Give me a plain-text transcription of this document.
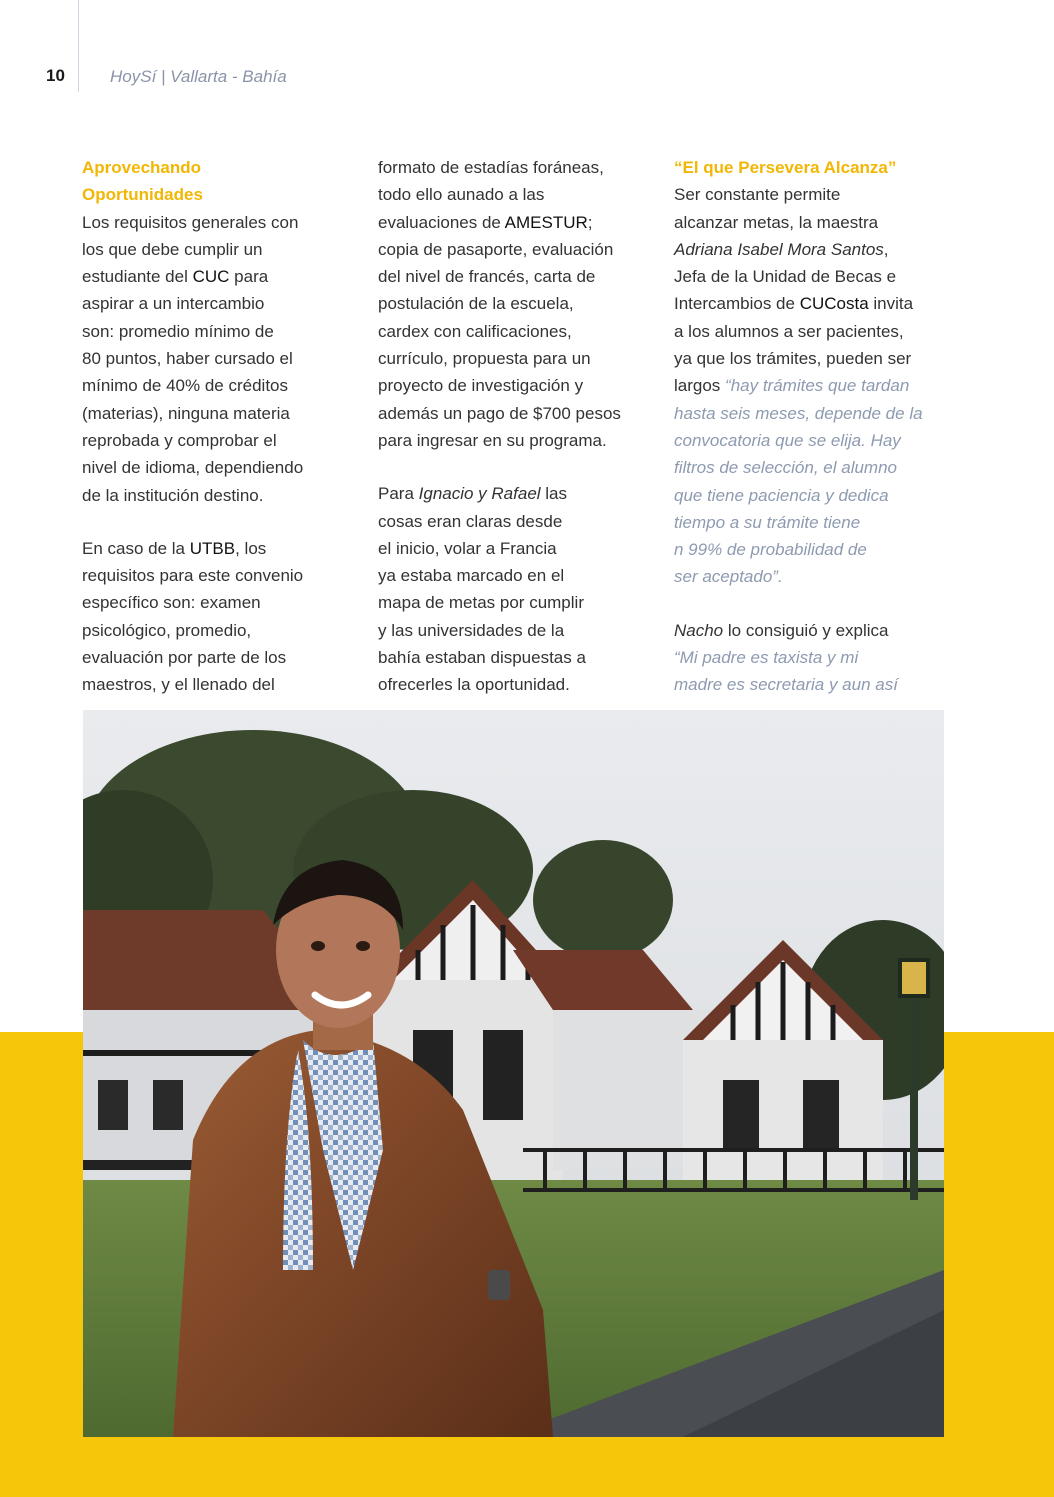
10	HoySí | Vallarta - Bahía

Aprovechando
Oportunidades
Los requisitos generales con
los que debe cumplir un
estudiante del CUC para
aspirar a un intercambio
son: promedio mínimo de
80 puntos, haber cursado el
mínimo de 40% de créditos
(materias), ninguna materia
reprobada y comprobar el
nivel de idioma, dependiendo
de la institución destino.

En caso de la UTBB, los
requisitos para este convenio
específico son: examen
psicológico, promedio,
evaluación por parte de los
maestros, y el llenado del

formato de estadías foráneas,
todo ello aunado a las
evaluaciones de AMESTUR;
copia de pasaporte, evaluación
del nivel de francés, carta de
postulación de la escuela,
cardex con calificaciones,
currículo, propuesta para un
proyecto de investigación y
además un pago de $700 pesos
para ingresar en su programa.

Para Ignacio y Rafael las
cosas eran claras desde
el inicio, volar a Francia
ya estaba marcado en el
mapa de metas por cumplir
y las universidades de la
bahía estaban dispuestas a
ofrecerles la oportunidad.

“El que Persevera Alcanza”
Ser constante permite
alcanzar metas, la maestra
Adriana Isabel Mora Santos,
Jefa de la Unidad de Becas e
Intercambios de CUCosta invita
a los alumnos a ser pacientes,
ya que los trámites, pueden ser
largos “hay trámites que tardan
hasta seis meses, depende de la
convocatoria que se elija. Hay
filtros de selección, el alumno
que tiene paciencia y dedica
tiempo a su trámite tiene
n 99% de probabilidad de
ser aceptado”.

Nacho lo consiguió y explica
“Mi padre es taxista y mi
madre es secretaria y aun así
